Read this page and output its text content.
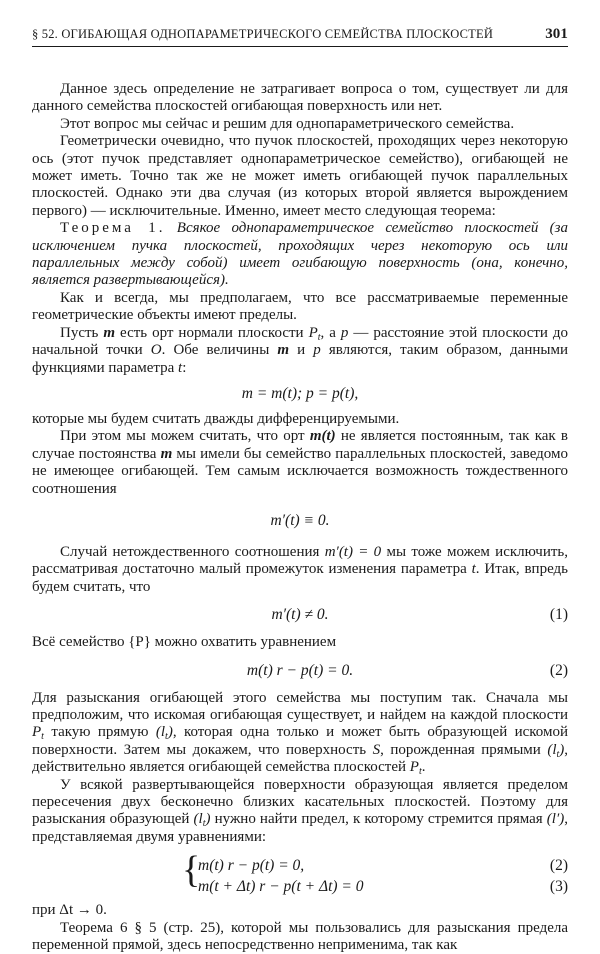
§ 52. ОГИБАЮЩАЯ ОДНОПАРАМЕТРИЧЕСКОГО СЕМЕЙСТВА ПЛОСКОСТЕЙ	301

Данное здесь определение не затрагивает вопроса о том, существует ли для данного семейства плоскостей огибающая поверхность или нет.

Этот вопрос мы сейчас и решим для однопараметрического семейства.

Геометрически очевидно, что пучок плоскостей, проходящих через некоторую ось (этот пучок представляет однопараметрическое семейство), огибающей не может иметь. Точно так же не может иметь огибающей пучок параллельных плоскостей. Однако эти два случая (из которых второй является вырождением первого) — исключительные. Именно, имеет место следующая теорема:

Теорема 1. Всякое однопараметрическое семейство плоскостей (за исключением пучка плоскостей, проходящих через некоторую ось или параллельных между собой) имеет огибающую поверхность (она, конечно, является развертывающейся).

Как и всегда, мы предполагаем, что все рассматриваемые переменные геометрические объекты имеют пределы.

Пусть m есть орт нормали плоскости $P_t$, а p — расстояние этой плоскости до начальной точки O. Обе величины m и p являются, таким образом, данными функциями параметра t:

m = m(t); p = p(t),

которые мы будем считать дважды дифференцируемыми.

При этом мы можем считать, что орт m(t) не является постоянным, так как в случае постоянства m мы имели бы семейство параллельных плоскостей, заведомо не имеющее огибающей. Тем самым исключается возможность тождественного соотношения

m′(t) ≡ 0.

Случай нетождественного соотношения m′(t) = 0 мы тоже можем исключить, рассматривая достаточно малый промежуток изменения параметра t. Итак, впредь будем считать, что

m′(t) ≠ 0.	(1)

Всё семейство {P} можно охватить уравнением

m(t) r − p(t) = 0.	(2)

Для разыскания огибающей этого семейства мы поступим так. Сначала мы предположим, что искомая огибающая существует, и найдем на каждой плоскости $P_t$ такую прямую $(l_t)$, которая одна только и может быть образующей искомой поверхности. Затем мы докажем, что поверхность S, порожденная прямыми $(l_t)$, действительно является огибающей семейства плоскостей $P_t$.

У всякой развертывающейся поверхности образующая является пределом пересечения двух бесконечно близких касательных плоскостей. Поэтому для разыскания образующей $(l_t)$ нужно найти предел, к которому стремится прямая (l′), представляемая двумя уравнениями:

{
m(t) r − p(t) = 0,	(2)
m(t + Δt) r − p(t + Δt) = 0	(3)

при Δt → 0.

Теорема 6 § 5 (стр. 25), которой мы пользовались для разыскания предела переменной прямой, здесь непосредственно неприменима, так как
